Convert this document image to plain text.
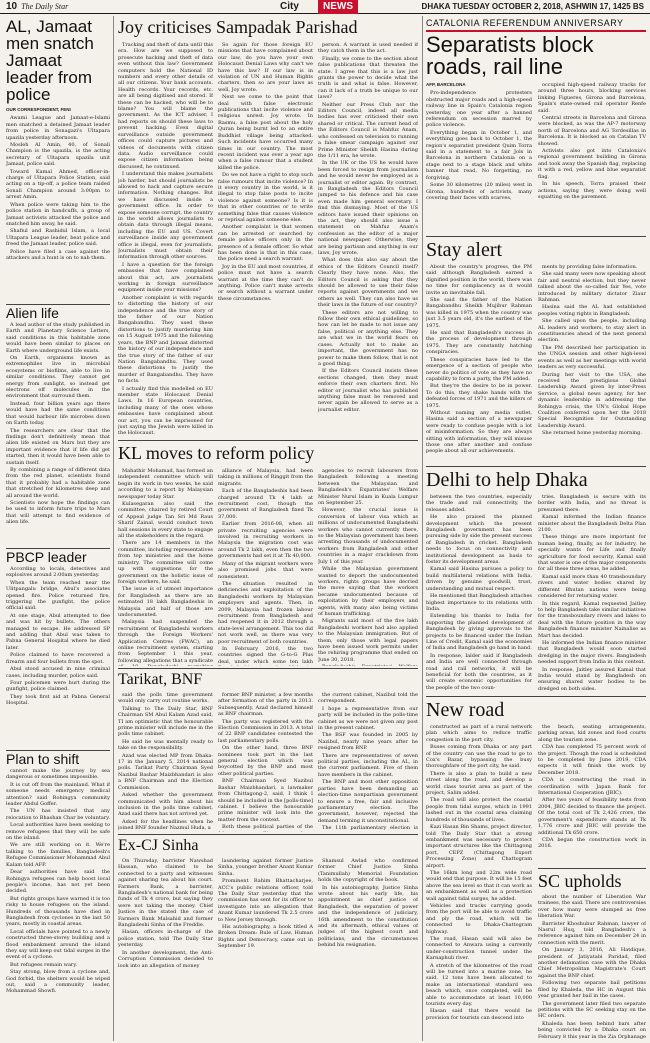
10 The Daily Star	City	NEWS	DHAKA TUESDAY OCTOBER 2, 2018, ASHWIN 17, 1425 BS
AL, Jamaat men snatch Jamaat leader from police
OUR CORRESPONDENT, FENI

Awami League and Jamaat-e-Islami men snatched a detained Jamaat leader from police in Sonagazi's Ultapara upazila yesterday afternoon.

Mosleh Al Amin, 40, of Sonali Champion is the upazila, is the acting secretary of Ultapara upazila unit Jamaat, police said.

Toward Kamal Ahmed, officer-in-charge of Ultapara Police Station, said acting on a tip-off, a police team raided Sonali Champion around 3:00pm to arrest Amin.

When police were taking him to the police station in handcuffs, a group of Jamaat activists attacked the police and snatched him away, he said.

Shafiul and Rashidul Islam, a local Ultapara League leader, beat police and freed the Jamaat leader, police said.

Police have filed a case against the attackers and a hunt is on to nab them.

Alien life

A lead author of the study published in Earth and Planetary Science Letters, said conditions in this habitable zone would have been similar to places on Earth where underground life exists.

On Earth, organisms known as extremophiles live in microbial ecosystems or biofilms, able to live in similar conditions. They cannot get energy from sunlight, so instead get electrons off molecules in the environment that surround them.

Instead, four billion years ago there would have had the same conditions that would harbour life microbes down on Earth today.

The researchers are clear that the findings don't definitively mean that alien life existed on Mars but they are important evidence that if life did get started, then it would have been able to sustain itself.

By combining a range of different data from the red planet, scientists found that it probably had a habitable zone that stretched for kilometres deep and all around the world.

Scientists now hope the findings can be used to inform future trips to Mars that will attempt to find evidence of alien life.

PBCP leader

According to locals, detectives and explosives around 2:00am yesterday.

When the team reached near the Ulitpangalu bridge, Abul's associates opened fire. Police returned fire, triggering the gunfight, the police official said.

At one stage, Abul attempted to flee and was hit by bullets. The others managed to escape. He addressed SP and adding that Abul was taken to Pabna General Hospital where he died later.

Police claimed to have recovered a firearm and four bullets from the spot.

Abul stood accused in nine criminal cases, including murder, police said.

Four policemen were hurt during the gunfight, police claimed.

They took first aid at Pabna General Hospital.

Plan to shift

cannot make the journey by sea dangerous or sometimes impossible.

It is cut off from the mainland. What if someone needs emergency medical attention? said Rohingya community leader Abdul Goffer.

The UN has insisted that any relocation to Bhashan Char be voluntary.

Local authorities have been seeking to remove refugees that they will be safe on the island.

We are still working on it. We're talking to the families, Bangladesh's Refugee Commissioner Mohammad Abul Kalam told AFP.

Dear authorities have said the Rohingya refugees can help boost local people's income, has not yet been decided.

But rights groups have warned it is too risky to house refugees on the island. Hundreds of thousands have died in Bangladesh from cyclones in the last 50 years, mostly in coastal areas.

Local officials have pointed to a newly constructed three-storey building and a flood embankment around the island they say will keep out tidal surges in the event of a cyclone.

But refugees remain wary.

Stay strong, blow from a cyclone and, God forbid, the shelters would be wiped out, said a community leader, Mohammad Showfi.

Joy criticises Sampadak Parishad

Tracking and theft of data until this era. How are we supposed to prosecute hacking and theft of data even without this law? Government computers hold the National ID numbers and every other details of all our citizens. Your bank accounts. Health records. Your records, etc. are all being digitised and stored. If these can be hacked, who will be to blame? You will blame the government. As the ICT adviser, I had reports on should these laws to prevent hacking. Even digital surveillance outside government offices could capture pictures and videos of documents with citizen data. Audio surveillance could expose citizen information being discussed, he continued.

I understand this makes journalists job harder, but should journalists be allowed to hack and capture secure information. Nothing changes. But we have discussed inside a government office. In order to expose someone corrupt, the country in the world allows journalists to obtain data through illegal means, including the EU and US. Covert surveillance inside any government office is illegal, even for journalists. Journalists must obtain their information through other sources.

I have a question for the foreign embassies that have complained about this act, are journalists working in foreign surveillance equipment inside your missions?

Another complaint is with regards to distorting the history of our independence and the true story of the father of our Nation Bangabandhu. They used these distortions to justify murdering him on 15 August 1975 and the following years, the BNP and Jamaat distorted the history of our independence and the true story of the father of our Nation Bangabandhu. They used these distortions to justify the murder of Bangabandhu. They have no facts.

I actually find this modelled on EU member state Holocaust Denial Laws. In 16 European countries, including many of the ones whose embassies have complained about our act, you can be imprisoned for just saying the Jewish were killed in the Holocaust.

So again for those foreign EU missions that have complained about our law, do you have your own Holocaust Denial Laws why can't we have this law? If our law is in violation of UN and Human Rights charters, then so are your laws as well, Joy wrote.

Next we come to the point that deal with false electronic publications that incite violence and religious unrest. Joy wrote. In Rasmu, a false post about the holy Quran being burnt led to an entire Buddhist village being attacked. Such incidents have occurred many times in our country. The most recent incident was over a year ago when a false rumour that a student killed the police.

Do we not have a right to stop such false rumours that incite violence? In it every country in the world, is it illegal to stop false posts to incite violence against someone? Is it is that in other countries or to write something false that causes violence or reprisal against someone else.

Another complaint is that women can be arrested or searched by female police officers only in the presence of a female officer. So what has been done is that in this case, the police need a search warrant.

Joy in the EU and most countries, if police must not have a search warrant at the time they can't do anything. Police can't make arrests or search without a warrant under these circumstances.

person. A warrant is used needed if they catch them in the act.

Finally, we come to the section about false publications that threaten the state. I agree that this is a law just grants the power to decide what the truth is and what is false. However, can it lack of a truth be unique to our laws?

Neither our Press Club nor the Editors Council, indeed all media bodies has ever criticised their own shared or critical. The current head of the Editors Council is Mahfuz Anam, who confessed on television to running a false smear campaign against our Prime Minister Sheikh Hasina during the 1/11 era, he wrote.

In the UK or the US he would have been forced to resign from journalism and he would never be employed as a journalist or editor again. By contrast, in Bangladesh the Editors Council jumped to his defence and his case even made him general secretary. I find this dismaying. Most of the US editors have issued their opinions on the act, they should also issue a statement on Mahfuz Anam's confession as the editor of a major national newspaper. Otherwise, they are being partisan and anything in our laws, Joy wrote.

What does this also say about the ethics of the Editors Council itself? Clearly they have none. Also, the Editors Council is asking that they should be allowed to use their false reports against governments and we others as well. They can also have us their laws in the future of our country?

These editors are not willing to follow their own ethical guidelines, so how can let be made to not issue any false, political or anything else. They are what we in the world fears on cases. Actually not to make an important, the government has no power to make them follow, that is not a good thing.

If the Editors Council insists these sections changed, then they must enforce their own charters first. No editor or journalist who has published anything false must be removed and never again be allowed to serve as a journalist editor.

KL moves to reform policy

Mahathir Mohamad, has formed an independent committee which will begin its work in two weeks, he said according to a report by Malaysian newspaper today Star.

Kulasegaran also said the committee, chaired by retired Court of Appeal judge Tan Sri Md Raus Sharif Zainal, would conduct town hall sessions in every state to engage all the stakeholders in the regard.

There are 14 members in the committee, including representatives from top ministries and the home ministry. The committee will come up with suggestions for the government on the holistic issue of foreign workers, he said.

The issue is of utmost importance for Bangladesh as there are an estimated 18 lakh Bangladeshis in Malaysia and half of those are undocumented.

Malaysia had suspended the recruitment of Bangladeshi workers through the Foreign Workers' Application Centres (FWAC), an online recruitment system, starting from September 1 this year, following allegations that a syndicate

alliance of Malaysia, had been taking in millions of Ringgit from the migrants.

Each of the Bangladeshis had been charged around Tk 4 lakh at recruitment cost, though the government of Bangladesh fixed Tk 37,000.

Earlier from 2016-08, when all private recruiting agencies were involved in recruiting workers in Malaysia the migration cost was around Tk 2 lakh, even then the two governments had set it at Tk 40,000.

Many of the migrant workers were also promised jobs that were nonexistent.

The situation resulted in deficiencies and exploitation of the Bangladeshi workers by Malaysian employers and agents. Then, in 2009, Malaysia had frozen labour recruitment from Bangladesh and had reopened it in 2012 through a state-level arrangement. This too did not work well, as there was very poor recruitment of both countries.

In February 2016, the two countries signed the G-to-G Plus deal, under which some ten lakh

agencies to recruit labourers from Bangladesh following a meeting between the Malaysian and Bangladesh's Expatriates' Welfare Minister Nurul Islam in Kuala Lumpur on September 25.

However, the crucial issue is conversion of labour visa which as millions of undocumented Bangladeshi workers who cannot currently there, so the Malaysian government has been arresting thousands of undocumented workers from Bangladesh and other countries in a major crackdown from July 1 of this year.

While the Malaysian government wanted to deport the undocumented workers, rights groups have decried the move saying that the workers became undocumented because of exploitation by their employers and agents, with many also being victims of human trafficking.

Migrants said most of the five lakh Bangladeshi workers had also applied to the Malaysian immigration. But of them, only those with legal papers have been issued work permits under the rehiring programme that ended on June 30, 2018.

Tarikat, BNF

said the polls time government would only carry out routine works.

Talking to The Daily Star, BNF Chairman SM Abul Kalam Azad said, TI am optimistic that the honourable prime minister will include me in the polls time cabinet.

He said he was mentally ready to take on the responsibility.

Azad was elected MP from Dhaka-17 in the January 5, 2014 national polls. Tarikat Party Chairman Syed Nazibul Bashar Maizbhandari is also a BNF Chairman and the Election Commission.

Asked whether the government communicated with him about his inclusion in the polls time cabinet, Azad said there has not arrived yet.

Asked for the headlines when he joined BNF founder Nazmul Huda, a

former BNP minister, a few months after formation of the party in 2013. Subsequently, Azad declared himself as BNF chairman.

The party was registered with the Election Commission in 2013. A total of 22 BNP candidates contested the last parliamentary polls.

On the other hand, three BNF nominees took part in the last general election which was boycotted by the BNP and most other political parties.

BNF Chairman Syed Nazibul Bashar Maizbhandari, a lawmaker from Chittagong-2, said, I think I should be included in the [polls-time] cabinet. I believe the honourable prime minister will look into the matter from the context.

Both these political parties of the

the current cabinet, Nazibul told the correspondent.

I hope a representative from our party will be included in the polls-time cabinet as we were not given any post in the present cabinet.

The BSF was founded in 2005 by Nazibul, nearly nine years after he resigned from BNP.

There are representatives of seven political parties, including the AL, in the current parliament. Five of them have members in the cabinet.

The BNP and most other opposition parties have been demanding an election-time nonpartisan government to ensure a free, fair and inclusive parliamentary election. The government, however, rejected the demand terming it unconstitutional.

The 11th parliamentary election is

Ex-CJ Sinha

On Thursday, barrister Nawshad Hassan, who claimed to be connected to a party and witnesses against sharing tea about his court. Farmers Bank, a barrister, Bangladesh's national bank for being funds of Tk 4 crore, but saying they were not taking the money. Chief Justice in the stated the case of Farmers Bank Malsahid and former Bangladeshi Sinha of the Freddie.

Hasan, officers in-charge of the police station, told The Daily Star yesterday.

In another development, the Anti-Corruption Commission decided to look into an allegation of money

laundering against former Justice Sinha, younger brother Anant Kumar Sinha.

Prominent Rahim Bhattacharjee, ACC's public relations officer, told The Daily Star yesterday that the commission has sent for its officer to investigate into an allegation that Anant Kumar laundered Tk 2.5 crore to New Jersey through.

His autobiography, a book titled A Broken Dream: Rule of Law, Human Rights and Democracy, came out in September 19.

Shamsul Awlad who confirmed former Chief Justice Sinha (Tanimullah) Memorial Foundation holds the copyright of the book.

In his autobiography, Justice Sinha wrote about his early life, his appointment as chief justice of Bangladesh, the separation of power and the independence of judiciary, 16th amendment to the constitution and its aftermath, ethical values of judges of the highest court and politicians, and the circumstances behind his resignation.

CATALONIA REFERENDUM ANNIVERSARY
Separatists block roads, rail line
AFP, BARCELONA

Pro-independence protesters obstructed major roads and a high-speed railway line in Spain's Catalonia region yesterday, one year after a banned referendum on secession marred by police violence.

Everything began in October 1, and everything goes back to October 1, the region's separatist president Quim Torra said in a statement to a fair Jols in Barcelona in northern Catalonia on a stage next to a stage black and white banner that read, No forgetting, no forgiving.

Some 30 kilometres (20 miles) west in Girona, hundreds of activists, many covering their faces with scarves,

occupied high-speed railway tracks for around three hours, blocking services linking Figueres, Girona and Barcelona, Spain's state-owned rail operator Renfe said.

Central streets in Barcelona and Girona were blocked, as was the AP-7 motorway north of Barcelona and AG Tordesillas in Barcelona. It is blocked as on Catalan TV showed.

Activists also got into Catalonia's regional government building in Girona and took away the Spanish flag, replacing it with a red, yellow and blue separatist flag.

In his speech, Torra praised their actions, saying they were doing well squatting on the pavement.

Stay alert

About the country's progress, the PM said although Bangladesh earned a dignified position in the world, there was no time for complacency as it would invite an inevitable fall.

She said the father of the Nation Bangabandhu Sheikh Mujibur Rahman was killed in 1975 when the country was just 3.5 years old, it's the earliest of the 1975.

He said that Bangladesh's success in the process of development through 1975. They are constantly hatching conspiracies.

These conspiracies have led to the emergence of a section of people who never do politics of vote as they have no capability to form a party, the PM added.

But they're the desire to be in power. To do this, they shake hands with the defeated forces of 1971 and the killers of 1975.

Without naming any media outlet, Hasina said a section of a newspaper were ready to confuse people with a lot of misinformation. So they are always sitting with information, they will misuse those one after another and confuse people about all our achievements.

ments by providing false information.

She said many were now speaking about fair and neutral election, but they never talked about the so-called fair Yes, vote introduced by military dictator Ziaur Rahman.

Hasina said the AL had established peoples voting rights in Bangladesh.

She called upon the people, including AL leaders and workers, to stay alert in constituencies ahead of the next general election.

The PM described her participation in the UNGA session and other high-level events as well as her meetings with world leaders as very successful.

During her visit to the USA, she received the prestigious Global Leadership Award given by inter-Press Service, a global news agency, for her dynamic leadership in addressing the Rohingya crisis, the UN's Global Hope Coalition conferred upon her the 2018 Special Recognition for Outstanding Leadership Award.

She returned home yesterday morning.

Delhi to help Dhaka

between the two countries, especially the trade and rail connectivity, the releases added.

He also praised the planned development which the present Bangladesh government has been pursuing side by side the present success of Bangladesh in cricket. Bangladesh needs to focus on connectivity and institutional development as basis to foster its development areas.

Kamal said Hasina pursues a policy to build multilateral relations with India, driven by genuine goodwill, trust, understanding and mutual respect.

He mentioned that Bangladesh attaches highest importance to its relations with India.

Extending his thanks to India for supporting the planned development of Bangladesh by giving approvals to the projects to be financed under the Indian Line of Credit, Kamal said the economies of India and Bangladesh go hand in hand.

In response, Ialder said if Bangladesh and India are well connected through road and rail networks, it will be beneficial for both the countries, as it will create economic opportunities for the people of the two coun-

tries. Bangladesh is secure with its border with India, and no threat is presumed there.

Kamal informed the Indian finance minister about the Bangladesh Delta Plan 2100.

These things are more important for human being, finally, as for industry, he specially wants for Life and finally agriculture for food security, Kamal said that water is one of the major components for all these three areas, he added.

Kamal said more than 40 transboundary rivers and water bodies shared by different Bhutan nations were being considered for returning water.

In this regard, Kamal requested Jaitley to help Bangladesh take similar initiatives for the transboundary rivers and lakes to deal with the future position in the way Bangladesh finance minister Nainalise as Mart has decided.

He informed the Indian finance minister that Bangladesh would soon started dredging in the major rivers. Bangladesh needed support from India in this context.

In response, Jaitley assured Kamal that India would stand by Bangladesh on ensuring shared water bodies to be dredged on both sides.

New road

constructed as part of a rural network plan which aims to reduce traffic congestion in the port city.

Buses coming from Dhaka or any part of the country can use the road to go to Cox's Bazar, bypassing the busy thoroughfare of the port city, he said.

There is also a plan to build a new street along the road, and develop a world class tourist area as part of the project, Salim added.

The road will also protect the coastal people from tidal surges, which in 1991 lashed out in the coastal area claiming hundreds of thousands of lives.

Kazi Hasan Bin Shams, project director, told The Daily Star that a strong embankment was necessary to protect important structures like the Chittagong port, CEPZ (Chittagong Export Processing Zone) and Chattogram airport.

The 16km long and 22m wide road would end that purpose. It will be 15 feet above the sea level so that it can work as an embankment as well as a protection wall against tidal surges, he added.

Vehicles and trucks carrying goods from the port will be able to avoid traffic and ply the road, which will be connected to Dhaka-Chattogram highway.

The road, Hasan said will also be connected to Anwara using a currently under-construction tunnel under the Karnaphuli river.

A stretch of the kilometres of the road will be turned into a marine zone, he said. 12 tons have been allocated to make an international standard sea beach which, once completed, will be able to accommodate at least 10,000 tourists every day.

Hasan said that there would be provision for tourists can descend into

the beach, seating arrangements, parking areas, kid zones and food courts along the tourism zone.

CDA has completed 75 percent work of the project. Though the road is scheduled to be completed by June 2019, CDA expects it will finish the work by December 2018.

CDA is constructing the road in coordination with Japan Bank for International Cooperation (JBIC).

After two years of feasibility tests from 2004, JBIC decided to finance the project. Of the total cost of Tk 2,426 crore, the government's expenditure stands at Tk 1,776 crore and JBIC will provide the additional Tk 650 crore.

CDA began the construction work in 2016.

SC upholds

about the number of Liberation War trainees, the said. There are controversies over how many were slumped as free liberation War.

Barrister Khoshubur Rahman, lawyer of Nasrul Huq, told Bangladesh's a reference against him on December 24 in connection with the merit.

On January 3, 2016, Ali Hatdique, president of Jatiyatabi Paridad, filed another defamation case with the Dhaka Chief Metropolitan Magistrate's Court against the BNP chief.

Following two separate bail petitions filed by Khaleda, the HC in August this year granted her bail in the cases.

The government later filed two separate petitions with the SC seeking stay on the HC orders.

Khaleda has been behind bars after being convicted by a Dhaka court on February 8 this year in the Zia Orphanage
